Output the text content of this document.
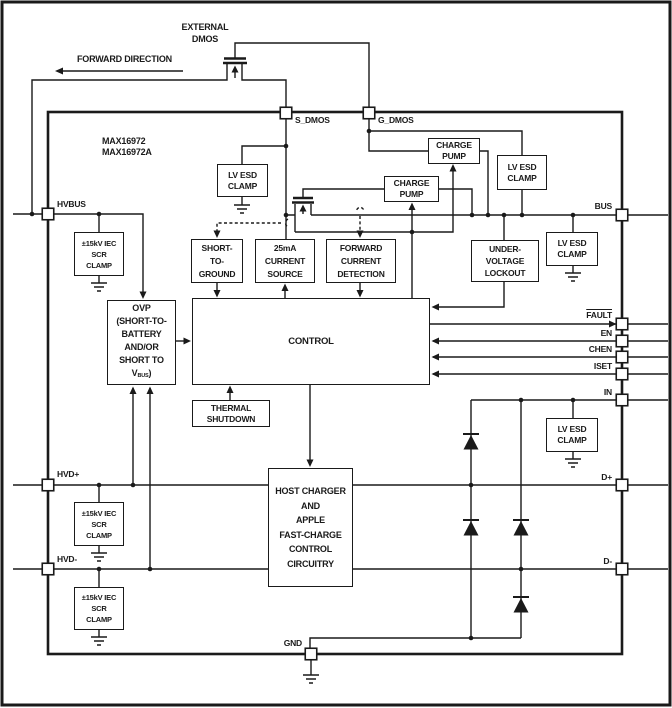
EXTERNAL
DMOS
FORWARD DIRECTION
MAX16972
MAX16972A
HVBUS
S_DMOS	G_DMOS
BUS
FAULT
EN
CHEN
ISET
IN
D+
D-
HVD+
HVD-
GND
LV ESD
CLAMP
CHARGE
PUMP
CHARGE
PUMP
LV ESD
CLAMP
LV ESD
CLAMP
LV ESD
CLAMP
±15kV IEC
SCR
CLAMP
±15kV IEC
SCR
CLAMP
±15kV IEC
SCR
CLAMP
SHORT-
TO-
GROUND
25mA
CURRENT
SOURCE
FORWARD
CURRENT
DETECTION
UNDER-
VOLTAGE
LOCKOUT
CONTROL
OVP
(SHORT-TO-
BATTERY
AND/OR
SHORT TO
VBUS)
THERMAL
SHUTDOWN
HOST CHARGER
AND
APPLE
FAST-CHARGE
CONTROL
CIRCUITRY
